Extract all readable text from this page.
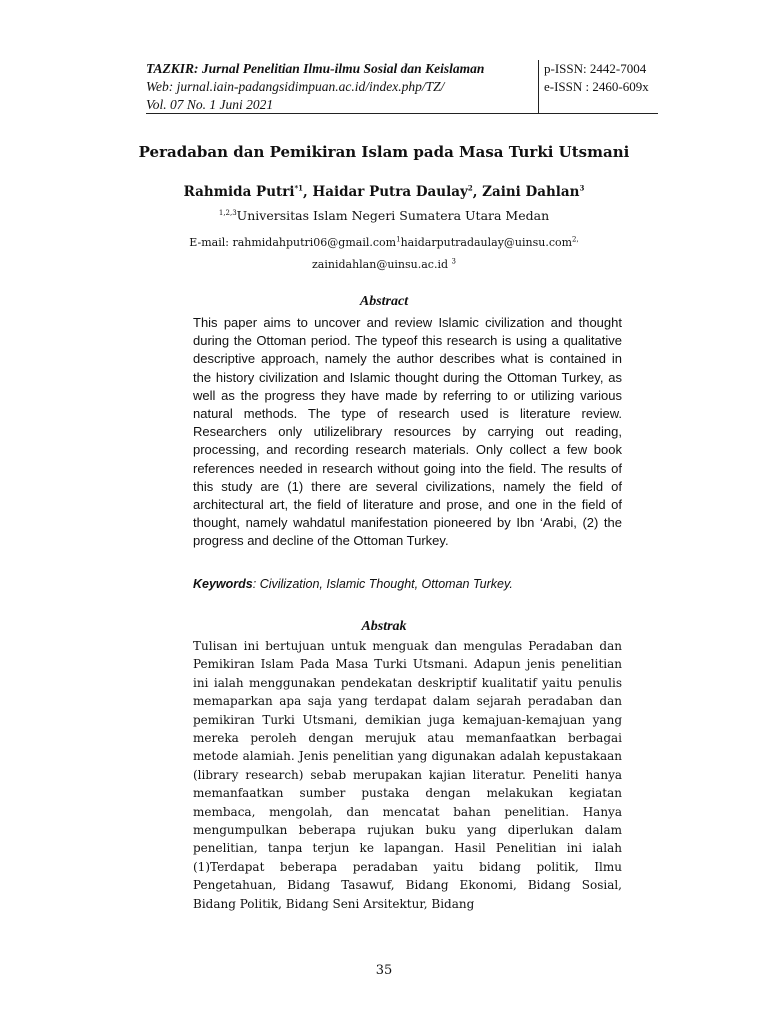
TAZKIR: Jurnal Penelitian Ilmu-ilmu Sosial dan Keislaman
Web: jurnal.iain-padangsidimpuan.ac.id/index.php/TZ/
Vol. 07 No. 1 Juni 2021
p-ISSN: 2442-7004
e-ISSN : 2460-609x
Peradaban dan Pemikiran Islam pada Masa Turki Utsmani
Rahmida Putri$^{*1}$, Haidar Putra Daulay$^2$, Zaini Dahlan$^3$
$^{1,2,3}$Universitas Islam Negeri Sumatera Utara Medan
E-mail: rahmidahputri06@gmail.com$^1$haidarputradaulay@uinsu.com$^{2,}$
zainidahlan@uinsu.ac.id $^3$
Abstract
This paper aims to uncover and review Islamic civilization and thought during the Ottoman period. The typeof this research is using a qualitative descriptive approach, namely the author describes what is contained in the history civilization and Islamic thought during the Ottoman Turkey, as well as the progress they have made by referring to or utilizing various natural methods. The type of research used is literature review. Researchers only utilizelibrary resources by carrying out reading, processing, and recording research materials. Only collect a few book references needed in research without going into the field. The results of this study are (1) there are several civilizations, namely the field of architectural art, the field of literature and prose, and one in the field of thought, namely wahdatul manifestation pioneered by Ibn ‘Arabi, (2) the progress and decline of the Ottoman Turkey.
Keywords: Civilization, Islamic Thought, Ottoman Turkey.
Abstrak
Tulisan ini bertujuan untuk menguak dan mengulas Peradaban dan Pemikiran Islam Pada Masa Turki Utsmani. Adapun jenis penelitian ini ialah menggunakan pendekatan deskriptif kualitatif yaitu penulis memaparkan apa saja yang terdapat dalam sejarah peradaban dan pemikiran Turki Utsmani, demikian juga kemajuan-kemajuan yang mereka peroleh dengan merujuk atau memanfaatkan berbagai metode alamiah. Jenis penelitian yang digunakan adalah kepustakaan (library research) sebab merupakan kajian literatur. Peneliti hanya memanfaatkan sumber pustaka dengan melakukan kegiatan membaca, mengolah, dan mencatat bahan penelitian. Hanya mengumpulkan beberapa rujukan buku yang diperlukan dalam penelitian, tanpa terjun ke lapangan. Hasil Penelitian ini ialah (1)Terdapat beberapa peradaban yaitu bidang politik, Ilmu Pengetahuan, Bidang Tasawuf, Bidang Ekonomi, Bidang Sosial, Bidang Politik, Bidang Seni Arsitektur, Bidang
35
